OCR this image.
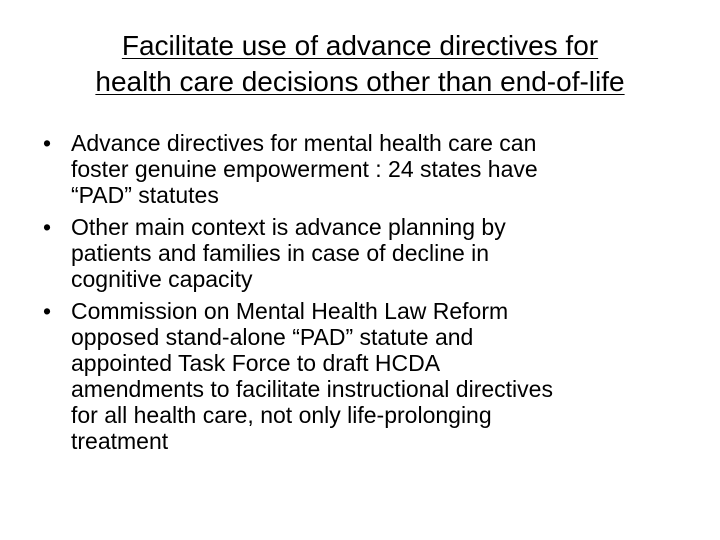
Facilitate use of advance directives for
health care decisions other than end-of-life
• Advance directives for mental health care can
foster genuine empowerment : 24 states have
“PAD” statutes
• Other main context is advance planning by
patients and families in case of decline in
cognitive capacity
• Commission on Mental Health Law Reform
opposed stand-alone “PAD” statute and
appointed Task Force to draft HCDA
amendments to facilitate instructional directives
for all health care, not only life-prolonging
treatment
